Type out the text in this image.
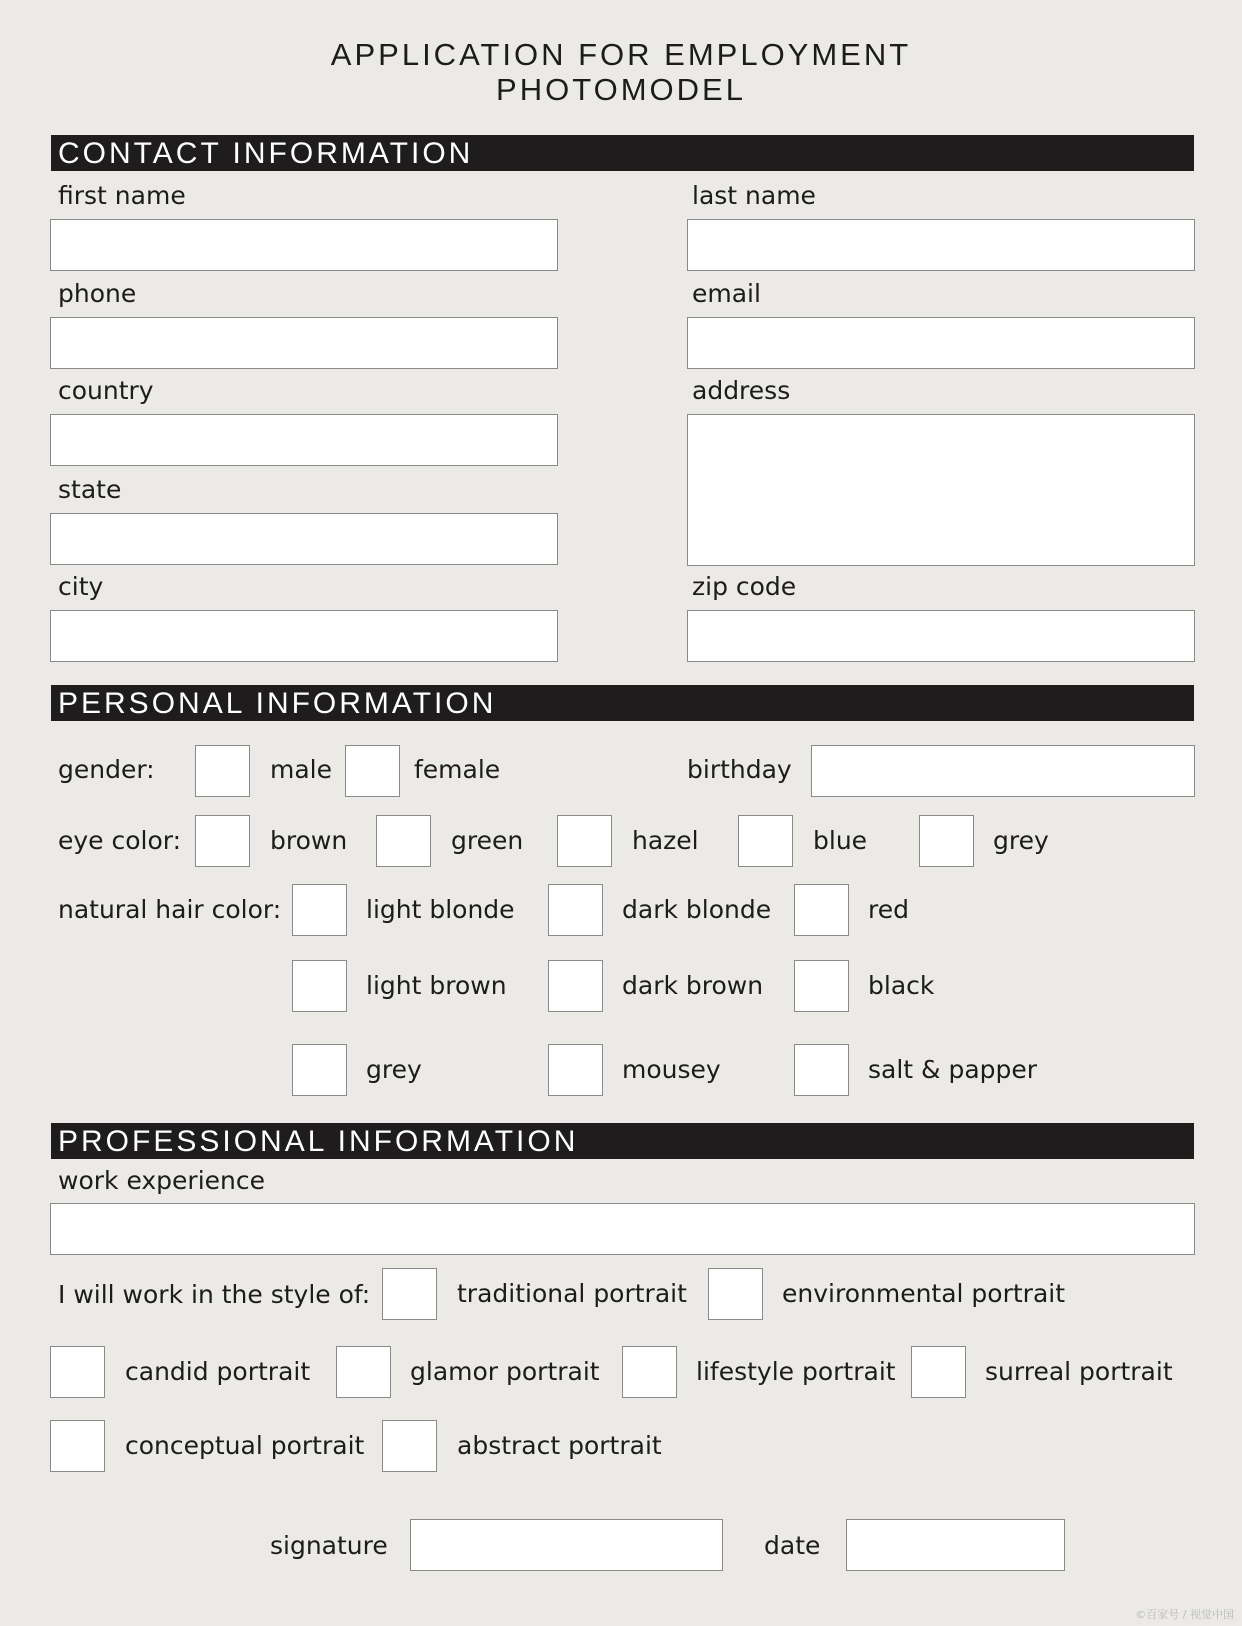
APPLICATION FOR EMPLOYMENT
PHOTOMODEL
CONTACT INFORMATION
first name	last name
phone	email
country	address
state
city	zip code
PERSONAL INFORMATION
gender:	male	female	birthday
eye color:	brown	green	hazel	blue	grey
natural hair color:	light blonde	dark blonde	red
light brown	dark brown	black
grey	mousey	salt & papper
PROFESSIONAL INFORMATION
work experience
I will work in the style of:	traditional portrait	environmental portrait
candid portrait	glamor portrait	lifestyle portrait	surreal portrait
conceptual portrait	abstract portrait
signature	date
©百家号 / 视觉中国
